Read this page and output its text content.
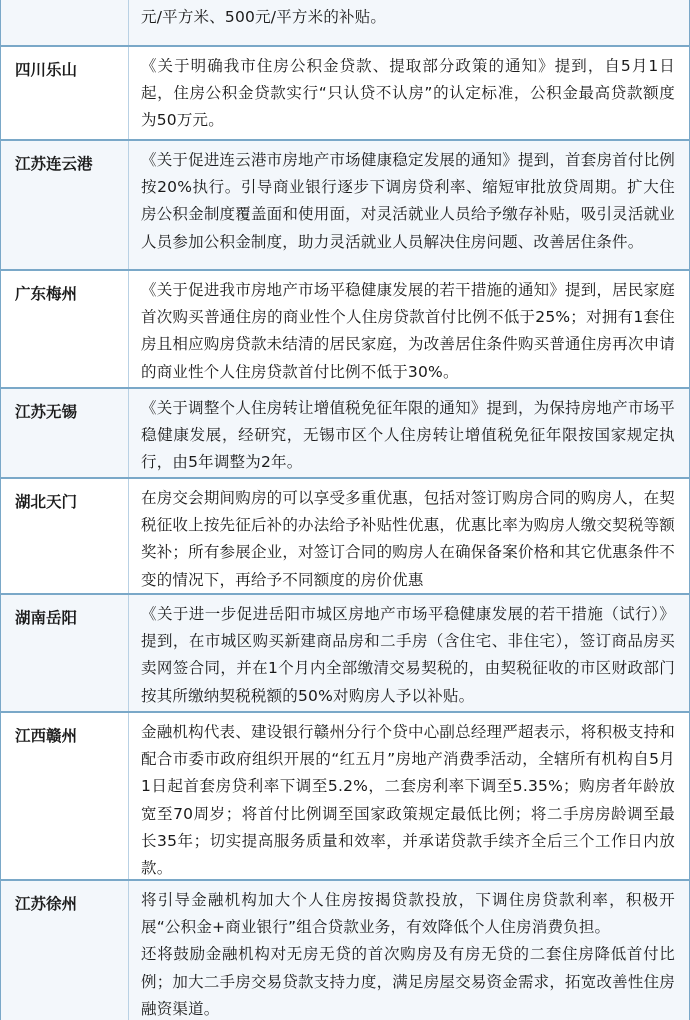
元/平方米、500元/平方米的补贴。

四川乐山	《关于明确我市住房公积金贷款、提取部分政策的通知》提到，自5月1日起，住房公积金贷款实行“只认贷不认房”的认定标准，公积金最高贷款额度为50万元。

江苏连云港	《关于促进连云港市房地产市场健康稳定发展的通知》提到，首套房首付比例按20%执行。引导商业银行逐步下调房贷利率、缩短审批放贷周期。扩大住房公积金制度覆盖面和使用面，对灵活就业人员给予缴存补贴，吸引灵活就业人员参加公积金制度，助力灵活就业人员解决住房问题、改善居住条件。

广东梅州	《关于促进我市房地产市场平稳健康发展的若干措施的通知》提到，居民家庭首次购买普通住房的商业性个人住房贷款首付比例不低于25%；对拥有1套住房且相应购房贷款未结清的居民家庭，为改善居住条件购买普通住房再次申请的商业性个人住房贷款首付比例不低于30%。

江苏无锡	《关于调整个人住房转让增值税免征年限的通知》提到，为保持房地产市场平稳健康发展，经研究，无锡市区个人住房转让增值税免征年限按国家规定执行，由5年调整为2年。

湖北天门	在房交会期间购房的可以享受多重优惠，包括对签订购房合同的购房人，在契税征收上按先征后补的办法给予补贴性优惠，优惠比率为购房人缴交契税等额奖补；所有参展企业，对签订合同的购房人在确保备案价格和其它优惠条件不变的情况下，再给予不同额度的房价优惠

湖南岳阳	《关于进一步促进岳阳市城区房地产市场平稳健康发展的若干措施（试行）》提到，在市城区购买新建商品房和二手房（含住宅、非住宅），签订商品房买卖网签合同，并在1个月内全部缴清交易契税的，由契税征收的市区财政部门按其所缴纳契税税额的50%对购房人予以补贴。

江西赣州	金融机构代表、建设银行赣州分行个贷中心副总经理严超表示，将积极支持和配合市委市政府组织开展的“红五月”房地产消费季活动，全辖所有机构自5月1日起首套房贷利率下调至5.2%，二套房利率下调至5.35%；购房者年龄放宽至70周岁；将首付比例调至国家政策规定最低比例；将二手房房龄调至最长35年；切实提高服务质量和效率，并承诺贷款手续齐全后三个工作日内放款。

江苏徐州	将引导金融机构加大个人住房按揭贷款投放，下调住房贷款利率，积极开展“公积金+商业银行”组合贷款业务，有效降低个人住房消费负担。

还将鼓励金融机构对无房无贷的首次购房及有房无贷的二套住房降低首付比例；加大二手房交易贷款支持力度，满足房屋交易资金需求，拓宽改善性住房融资渠道。
